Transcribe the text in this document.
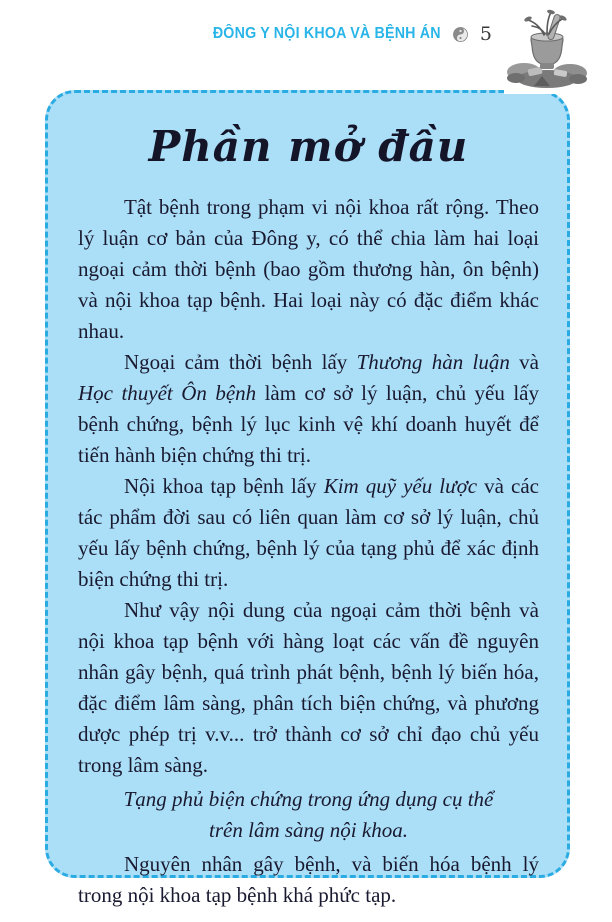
ĐÔNG Y NỘI KHOA VÀ BỆNH ÁN 5
Phần mở đầu

Tật bệnh trong phạm vi nội khoa rất rộng. Theo lý luận cơ bản của Đông y, có thể chia làm hai loại ngoại cảm thời bệnh (bao gồm thương hàn, ôn bệnh) và nội khoa tạp bệnh. Hai loại này có đặc điểm khác nhau.

Ngoại cảm thời bệnh lấy Thương hàn luận và Học thuyết Ôn bệnh làm cơ sở lý luận, chủ yếu lấy bệnh chứng, bệnh lý lục kinh vệ khí doanh huyết để tiến hành biện chứng thi trị.

Nội khoa tạp bệnh lấy Kim quỹ yếu lược và các tác phẩm đời sau có liên quan làm cơ sở lý luận, chủ yếu lấy bệnh chứng, bệnh lý của tạng phủ để xác định biện chứng thi trị.

Như vậy nội dung của ngoại cảm thời bệnh và nội khoa tạp bệnh với hàng loạt các vấn đề nguyên nhân gây bệnh, quá trình phát bệnh, bệnh lý biến hóa, đặc điểm lâm sàng, phân tích biện chứng, và phương dược phép trị v.v... trở thành cơ sở chỉ đạo chủ yếu trong lâm sàng.

Tạng phủ biện chứng trong ứng dụng cụ thể
trên lâm sàng nội khoa.

Nguyên nhân gây bệnh, và biến hóa bệnh lý trong nội khoa tạp bệnh khá phức tạp.
